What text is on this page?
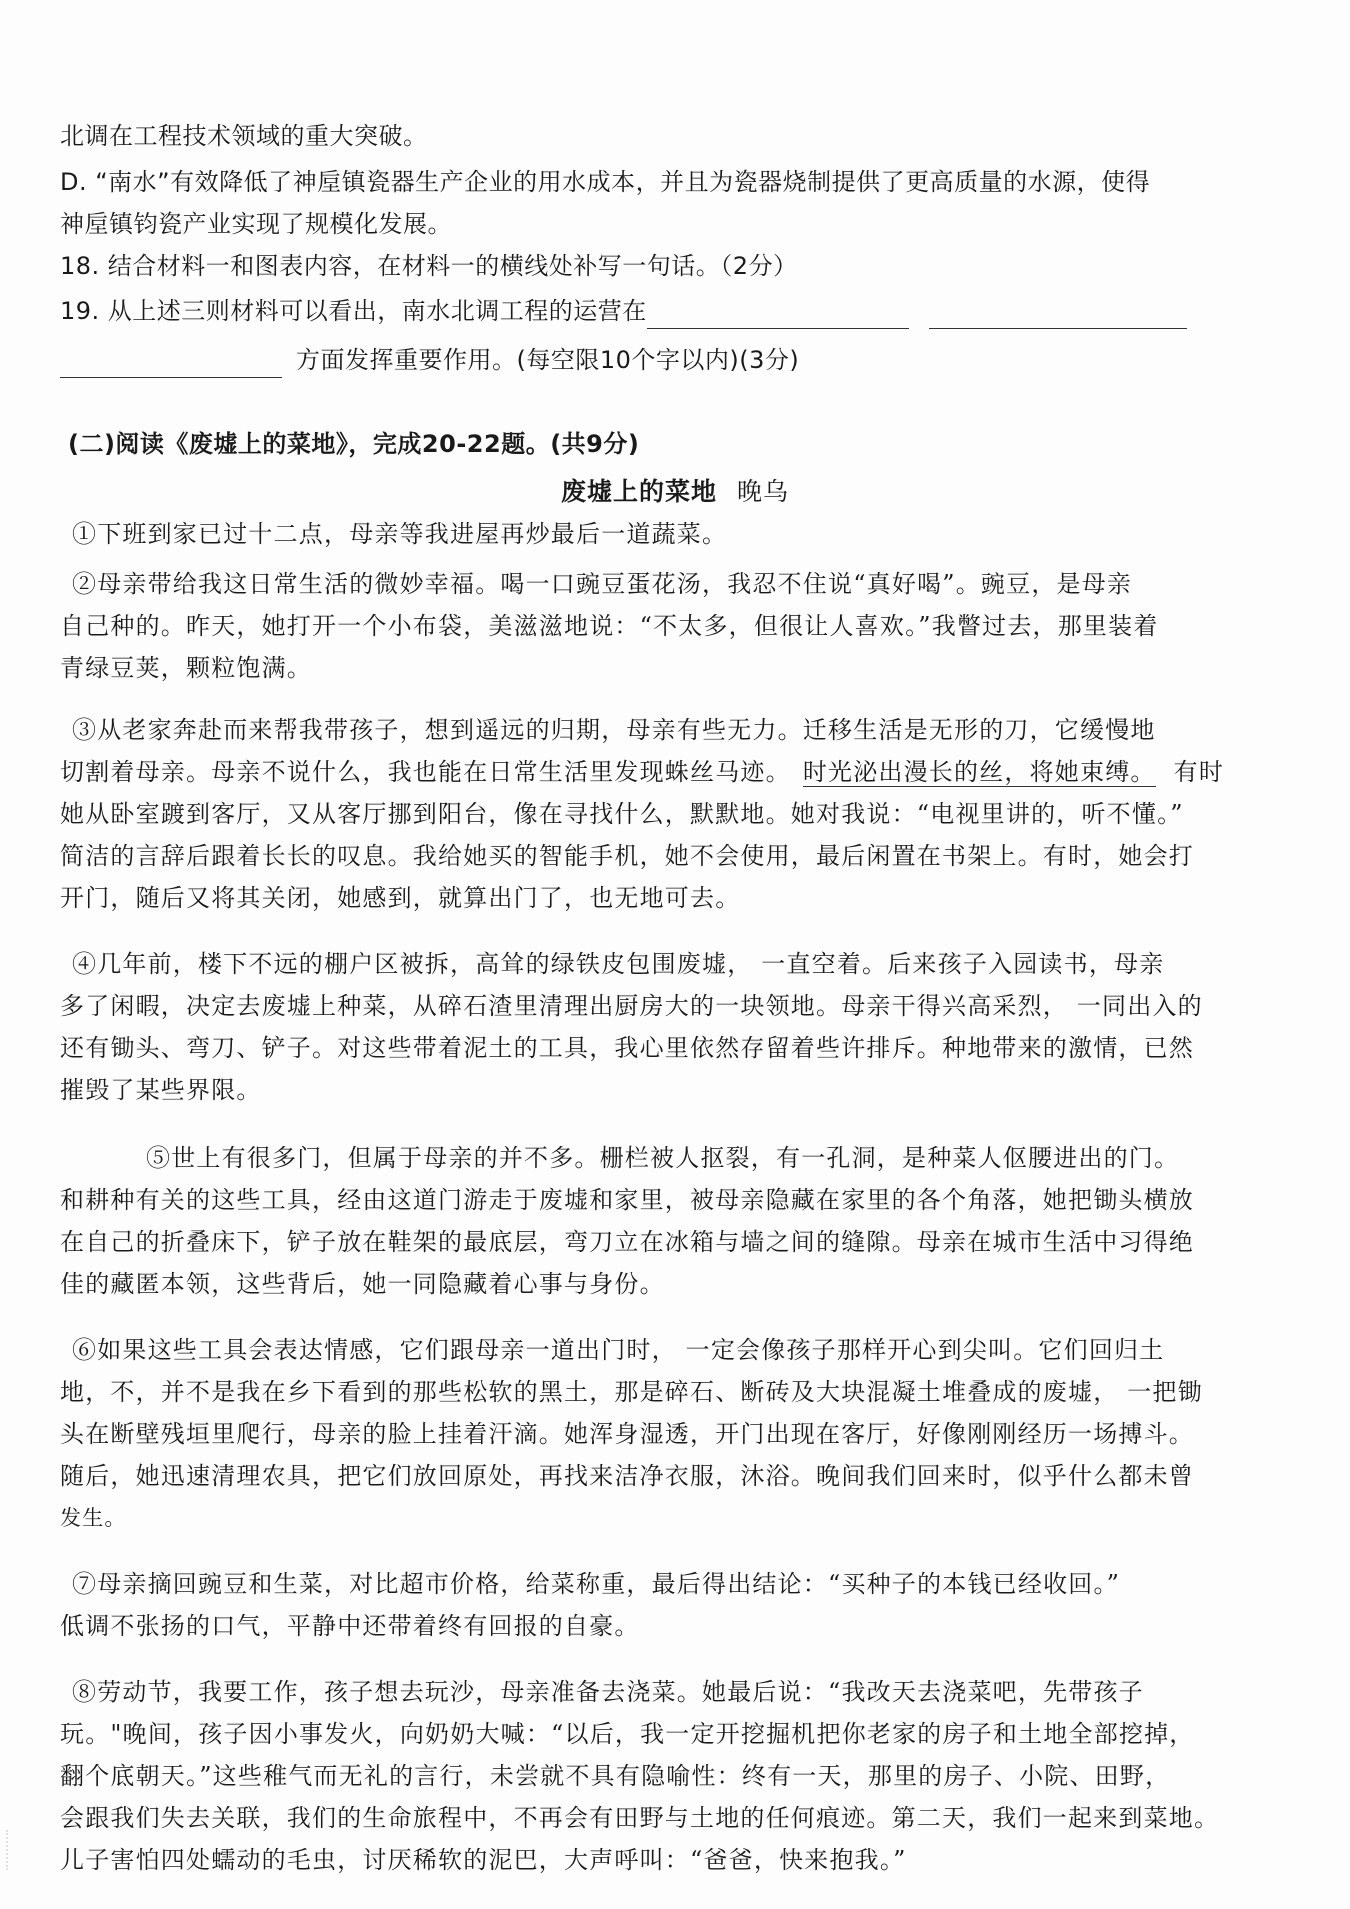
北调在工程技术领域的重大突破。
D. “南水”有效降低了神垕镇瓷器生产企业的用水成本，并且为瓷器烧制提供了更高质量的水源，使得
神垕镇钧瓷产业实现了规模化发展。
18. 结合材料一和图表内容，在材料一的横线处补写一句话。（2分）
19. 从上述三则材料可以看出，南水北调工程的运营在
方面发挥重要作用。(每空限10个字以内)(3分)
(二)阅读《废墟上的菜地》，完成20-22题。(共9分)
废墟上的菜地 晚乌
①下班到家已过十二点，母亲等我进屋再炒最后一道蔬菜。
②母亲带给我这日常生活的微妙幸福。喝一口豌豆蛋花汤，我忍不住说“真好喝”。豌豆，是母亲
自己种的。昨天，她打开一个小布袋，美滋滋地说：“不太多，但很让人喜欢。”我瞥过去，那里装着
青绿豆荚，颗粒饱满。
③从老家奔赴而来帮我带孩子，想到遥远的归期，母亲有些无力。迁移生活是无形的刀，它缓慢地
切割着母亲。母亲不说什么，我也能在日常生活里发现蛛丝马迹。 时光泌出漫长的丝，将她束缚。 有时
她从卧室踱到客厅，又从客厅挪到阳台，像在寻找什么，默默地。她对我说：“电视里讲的，听不懂。”
简洁的言辞后跟着长长的叹息。我给她买的智能手机，她不会使用，最后闲置在书架上。有时，她会打
开门，随后又将其关闭，她感到，就算出门了，也无地可去。
④几年前，楼下不远的棚户区被拆，高耸的绿铁皮包围废墟， 一直空着。后来孩子入园读书，母亲
多了闲暇，决定去废墟上种菜，从碎石渣里清理出厨房大的一块领地。母亲干得兴高采烈， 一同出入的
还有锄头、弯刀、铲子。对这些带着泥土的工具，我心里依然存留着些许排斥。种地带来的激情，已然
摧毁了某些界限。
⑤世上有很多门，但属于母亲的并不多。栅栏被人抠裂，有一孔洞，是种菜人伛腰进出的门。
和耕种有关的这些工具，经由这道门游走于废墟和家里，被母亲隐藏在家里的各个角落，她把锄头横放
在自己的折叠床下，铲子放在鞋架的最底层，弯刀立在冰箱与墙之间的缝隙。母亲在城市生活中习得绝
佳的藏匿本领，这些背后，她一同隐藏着心事与身份。
⑥如果这些工具会表达情感，它们跟母亲一道出门时， 一定会像孩子那样开心到尖叫。它们回归土
地，不，并不是我在乡下看到的那些松软的黑土，那是碎石、断砖及大块混凝土堆叠成的废墟， 一把锄
头在断壁残垣里爬行，母亲的脸上挂着汗滴。她浑身湿透，开门出现在客厅，好像刚刚经历一场搏斗。
随后，她迅速清理农具，把它们放回原处，再找来洁净衣服，沐浴。晚间我们回来时，似乎什么都未曾
发生。
⑦母亲摘回豌豆和生菜，对比超市价格，给菜称重，最后得出结论：“买种子的本钱已经收回。”
低调不张扬的口气，平静中还带着终有回报的自豪。
⑧劳动节，我要工作，孩子想去玩沙，母亲准备去浇菜。她最后说：“我改天去浇菜吧，先带孩子
玩。"晚间，孩子因小事发火，向奶奶大喊：“以后，我一定开挖掘机把你老家的房子和土地全部挖掉，
翻个底朝天。”这些稚气而无礼的言行，未尝就不具有隐喻性：终有一天，那里的房子、小院、田野，
会跟我们失去关联，我们的生命旅程中，不再会有田野与土地的任何痕迹。第二天，我们一起来到菜地。
儿子害怕四处蠕动的毛虫，讨厌稀软的泥巴，大声呼叫：“爸爸，快来抱我。”
